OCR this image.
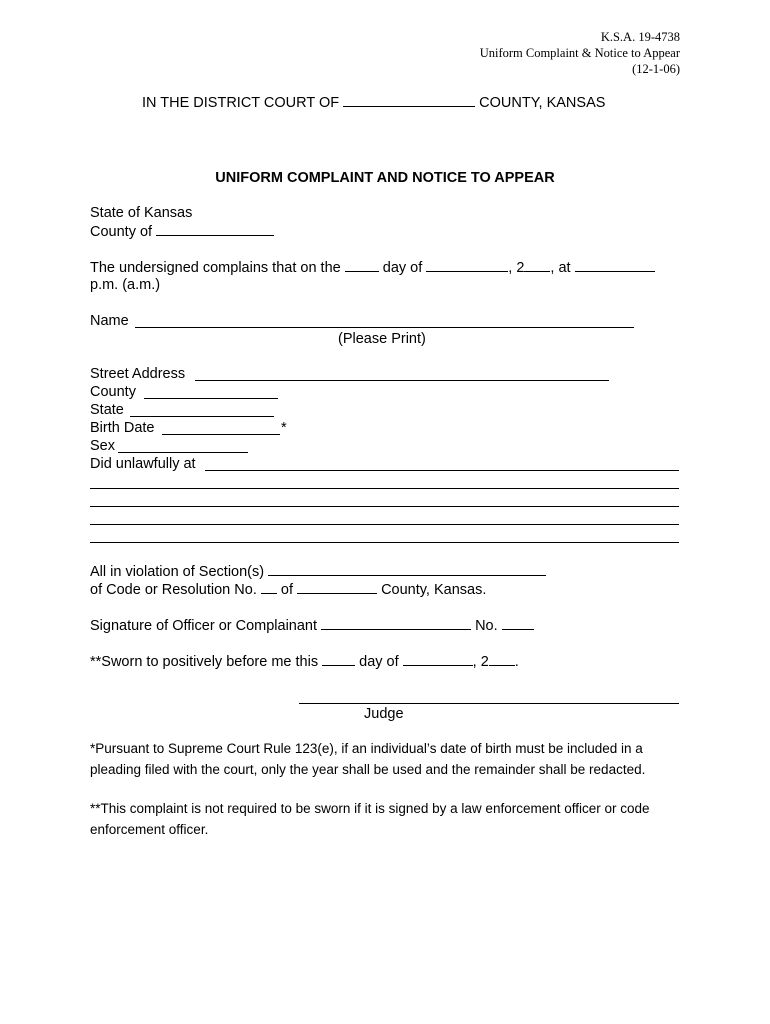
K.S.A. 19-4738
Uniform Complaint & Notice to Appear
(12-1-06)
IN THE DISTRICT COURT OF	COUNTY, KANSAS
UNIFORM COMPLAINT AND NOTICE TO APPEAR
State of Kansas
County of
The undersigned complains that on the	day of	, 2 , at
p.m. (a.m.)
Name
(Please Print)
Street Address
County
State
Birth Date	*
Sex
Did unlawfully at
All in violation of Section(s)
of Code or Resolution No. of	County, Kansas.
Signature of Officer or Complainant	No.
**Sworn to positively before me this	day of	, 2 .
Judge
*Pursuant to Supreme Court Rule 123(e), if an individual’s date of birth must be included in a pleading filed with the court, only the year shall be used and the remainder shall be redacted.
**This complaint is not required to be sworn if it is signed by a law enforcement officer or code enforcement officer.
